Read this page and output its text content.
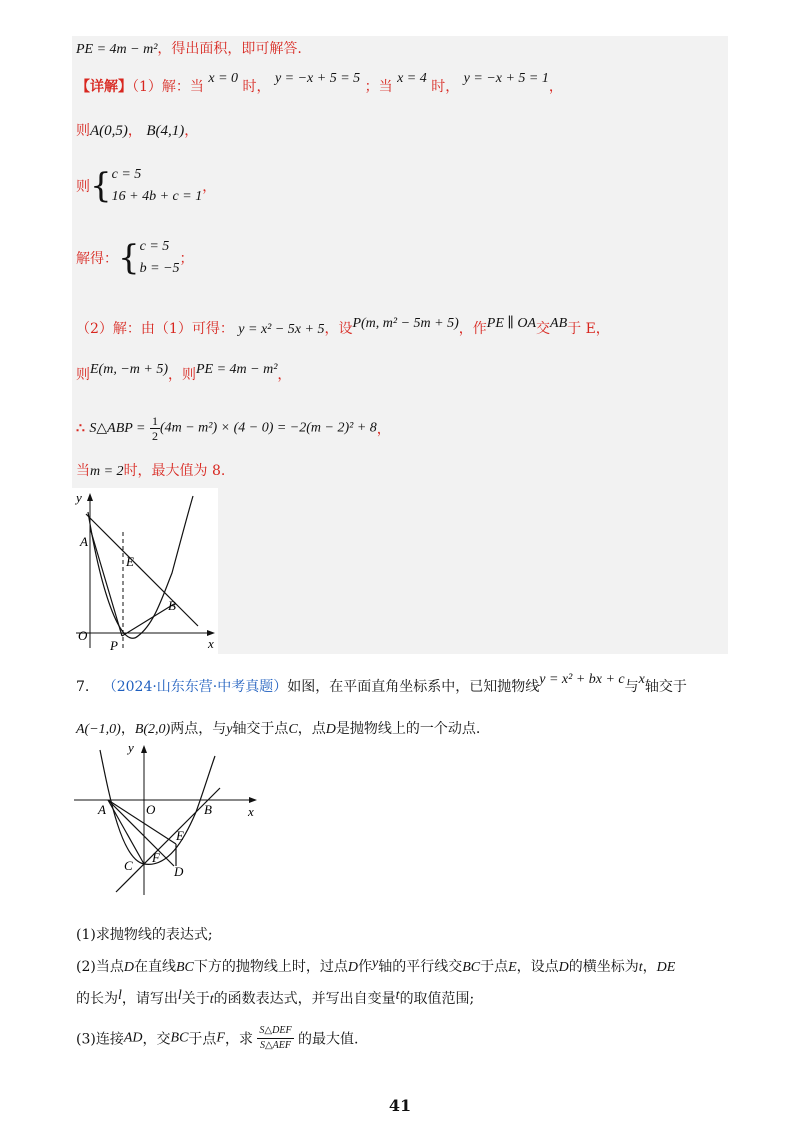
PE = 4m − m²，得出面积，即可解答.
【详解】（1）解：当 x = 0 时， y = −x + 5 = 5 ；当 x = 4 时， y = −x + 5 = 1，
则A(0,5)， B(4,1)，
则{ c = 5
16 + 4b + c = 1
，
解得：{ c = 5
b = −5
；
（2）解：由（1）可得： y = x² − 5x + 5，设P(m, m² − 5m + 5)，作PE ∥ OA交AB于 E，
则E(m, −m + 5)，则PE = 4m − m²，
∴ S△ABP = $\frac{1}{2} (4m - m^2) \times (4 - 0) = -2(m - 2)^2 + 8$，
当m = 2时，最大值为 8.
y
x
O
A
E
B
P
7. （2024·山东东营·中考真题）如图，在平面直角坐标系中，已知抛物线y = x² + bx + c与x轴交于
A(−1,0)，B(2,0)两点，与y轴交于点C，点D是抛物线上的一个动点.
y
x
O
A	B
C	D
E
F
(1)求抛物线的表达式;
(2)当点D在直线BC下方的抛物线上时，过点D作y轴的平行线交BC于点E，设点D的横坐标为t，DE
的长为l，请写出l关于t的函数表达式，并写出自变量t的取值范围;
(3)连接AD，交BC于点F，求 $\frac{\text{S△DEF}}{\text{S△AEF}}$ 的最大值.
41
